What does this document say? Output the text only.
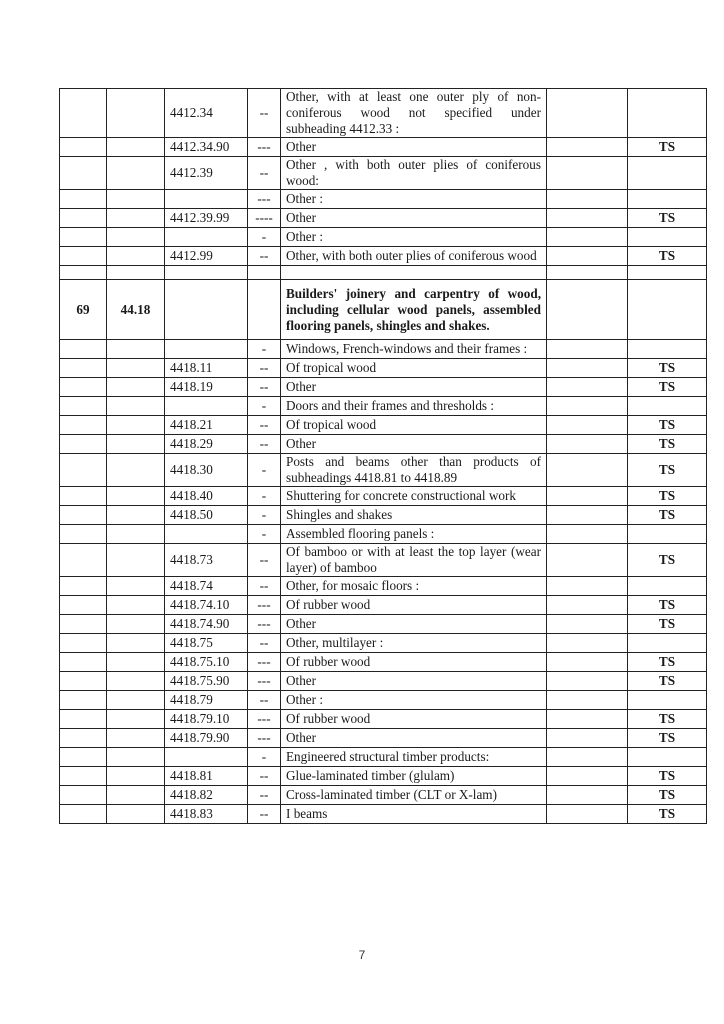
		4412.34	--	Other, with at least one outer ply of non-coniferous wood not specified under subheading 4412.33 :		
		4412.34.90	---	Other		TS
		4412.39	--	Other , with both outer plies of coniferous wood:		
			---	Other :		
		4412.39.99	----	Other		TS
			-	Other :		
		4412.99	--	Other, with both outer plies of coniferous wood		TS

69	44.18			Builders' joinery and carpentry of wood, including cellular wood panels, assembled flooring panels, shingles and shakes.		
			-	Windows, French-windows and their frames :		
		4418.11	--	Of tropical wood		TS
		4418.19	--	Other		TS
			-	Doors and their frames and thresholds :		
		4418.21	--	Of tropical wood		TS
		4418.29	--	Other		TS
		4418.30	-	Posts and beams other than products of subheadings 4418.81 to 4418.89		TS
		4418.40	-	Shuttering for concrete constructional work		TS
		4418.50	-	Shingles and shakes		TS
			-	Assembled flooring panels :		
		4418.73	--	Of bamboo or with at least the top layer (wear layer) of bamboo		TS
		4418.74	--	Other, for mosaic floors :		
		4418.74.10	---	Of rubber wood		TS
		4418.74.90	---	Other		TS
		4418.75	--	Other, multilayer :		
		4418.75.10	---	Of rubber wood		TS
		4418.75.90	---	Other		TS
		4418.79	--	Other :		
		4418.79.10	---	Of rubber wood		TS
		4418.79.90	---	Other		TS
			-	Engineered structural timber products:		
		4418.81	--	Glue-laminated timber (glulam)		TS
		4418.82	--	Cross-laminated timber (CLT or X-lam)		TS
		4418.83	--	I beams		TS
7
